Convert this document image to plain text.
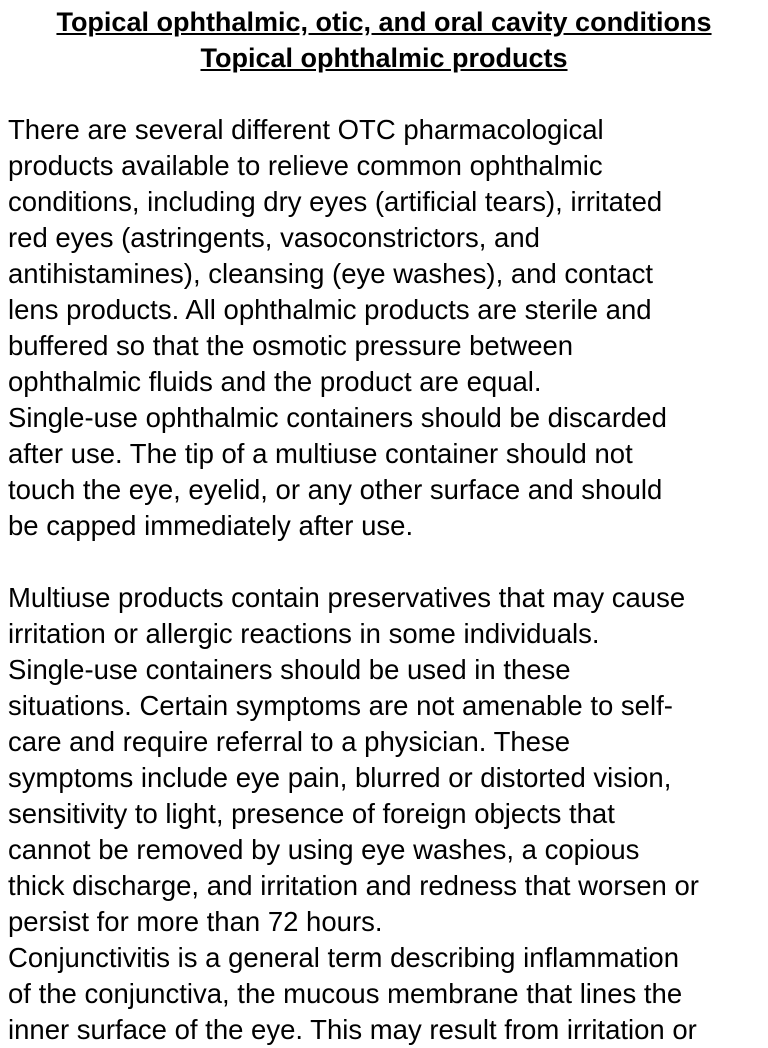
Topical ophthalmic, otic, and oral cavity conditions
Topical ophthalmic products
There are several different OTC pharmacological
products available to relieve common ophthalmic
conditions, including dry eyes (artificial tears), irritated
red eyes (astringents, vasoconstrictors, and
antihistamines), cleansing (eye washes), and contact
lens products. All ophthalmic products are sterile and
buffered so that the osmotic pressure between
ophthalmic fluids and the product are equal.
Single-use ophthalmic containers should be discarded
after use. The tip of a multiuse container should not
touch the eye, eyelid, or any other surface and should
be capped immediately after use.
Multiuse products contain preservatives that may cause
irritation or allergic reactions in some individuals.
Single-use containers should be used in these
situations. Certain symptoms are not amenable to self-
care and require referral to a physician. These
symptoms include eye pain, blurred or distorted vision,
sensitivity to light, presence of foreign objects that
cannot be removed by using eye washes, a copious
thick discharge, and irritation and redness that worsen or
persist for more than 72 hours.
Conjunctivitis is a general term describing inflammation
of the conjunctiva, the mucous membrane that lines the
inner surface of the eye. This may result from irritation or
